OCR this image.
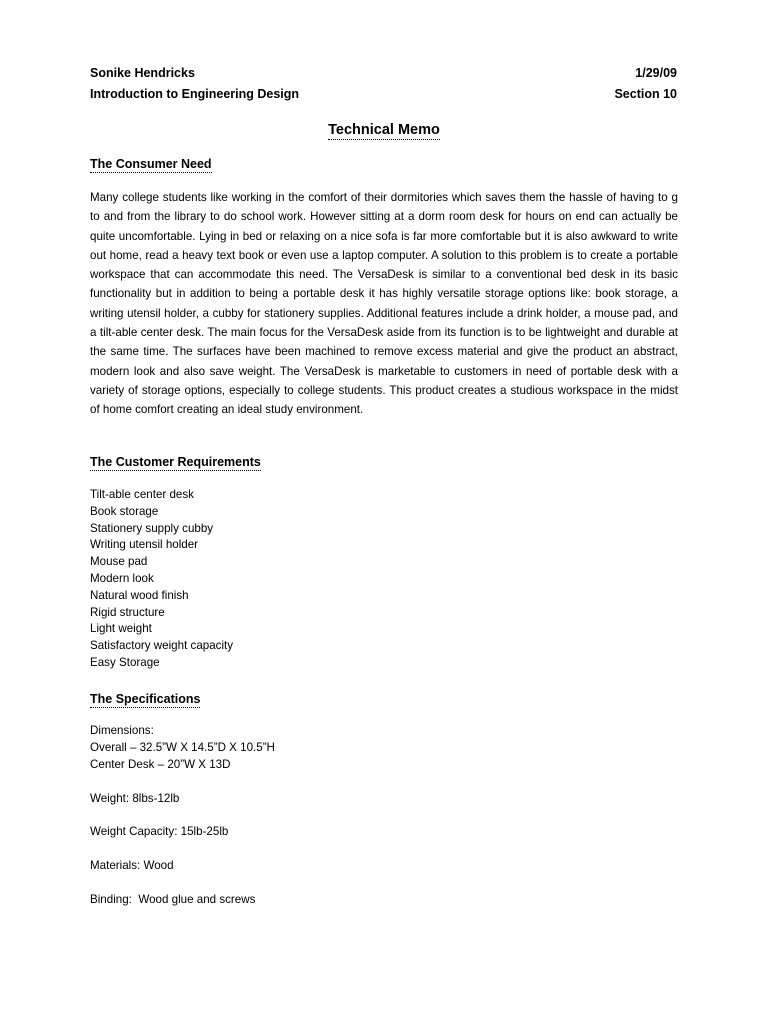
Sonike Hendricks	1/29/09
Introduction to Engineering Design	Section 10
Technical Memo
The Consumer Need
Many college students like working in the comfort of their dormitories which saves them the hassle of having to g to and from the library to do school work. However sitting at a dorm room desk for hours on end can actually be quite uncomfortable. Lying in bed or relaxing on a nice sofa is far more comfortable but it is also awkward to write out home, read a heavy text book or even use a laptop computer. A solution to this problem is to create a portable workspace that can accommodate this need. The VersaDesk is similar to a conventional bed desk in its basic functionality but in addition to being a portable desk it has highly versatile storage options like: book storage, a writing utensil holder, a cubby for stationery supplies. Additional features include a drink holder, a mouse pad, and a tilt-able center desk. The main focus for the VersaDesk aside from its function is to be lightweight and durable at the same time. The surfaces have been machined to remove excess material and give the product an abstract, modern look and also save weight. The VersaDesk is marketable to customers in need of portable desk with a variety of storage options, especially to college students. This product creates a studious workspace in the midst of home comfort creating an ideal study environment.
The Customer Requirements
Tilt-able center desk
Book storage
Stationery supply cubby
Writing utensil holder
Mouse pad
Modern look
Natural wood finish
Rigid structure
Light weight
Satisfactory weight capacity
Easy Storage
The Specifications
Dimensions:
Overall – 32.5”W X 14.5”D X 10.5”H
Center Desk – 20”W X 13D
Weight: 8lbs-12lb
Weight Capacity: 15lb-25lb
Materials: Wood
Binding:  Wood glue and screws
